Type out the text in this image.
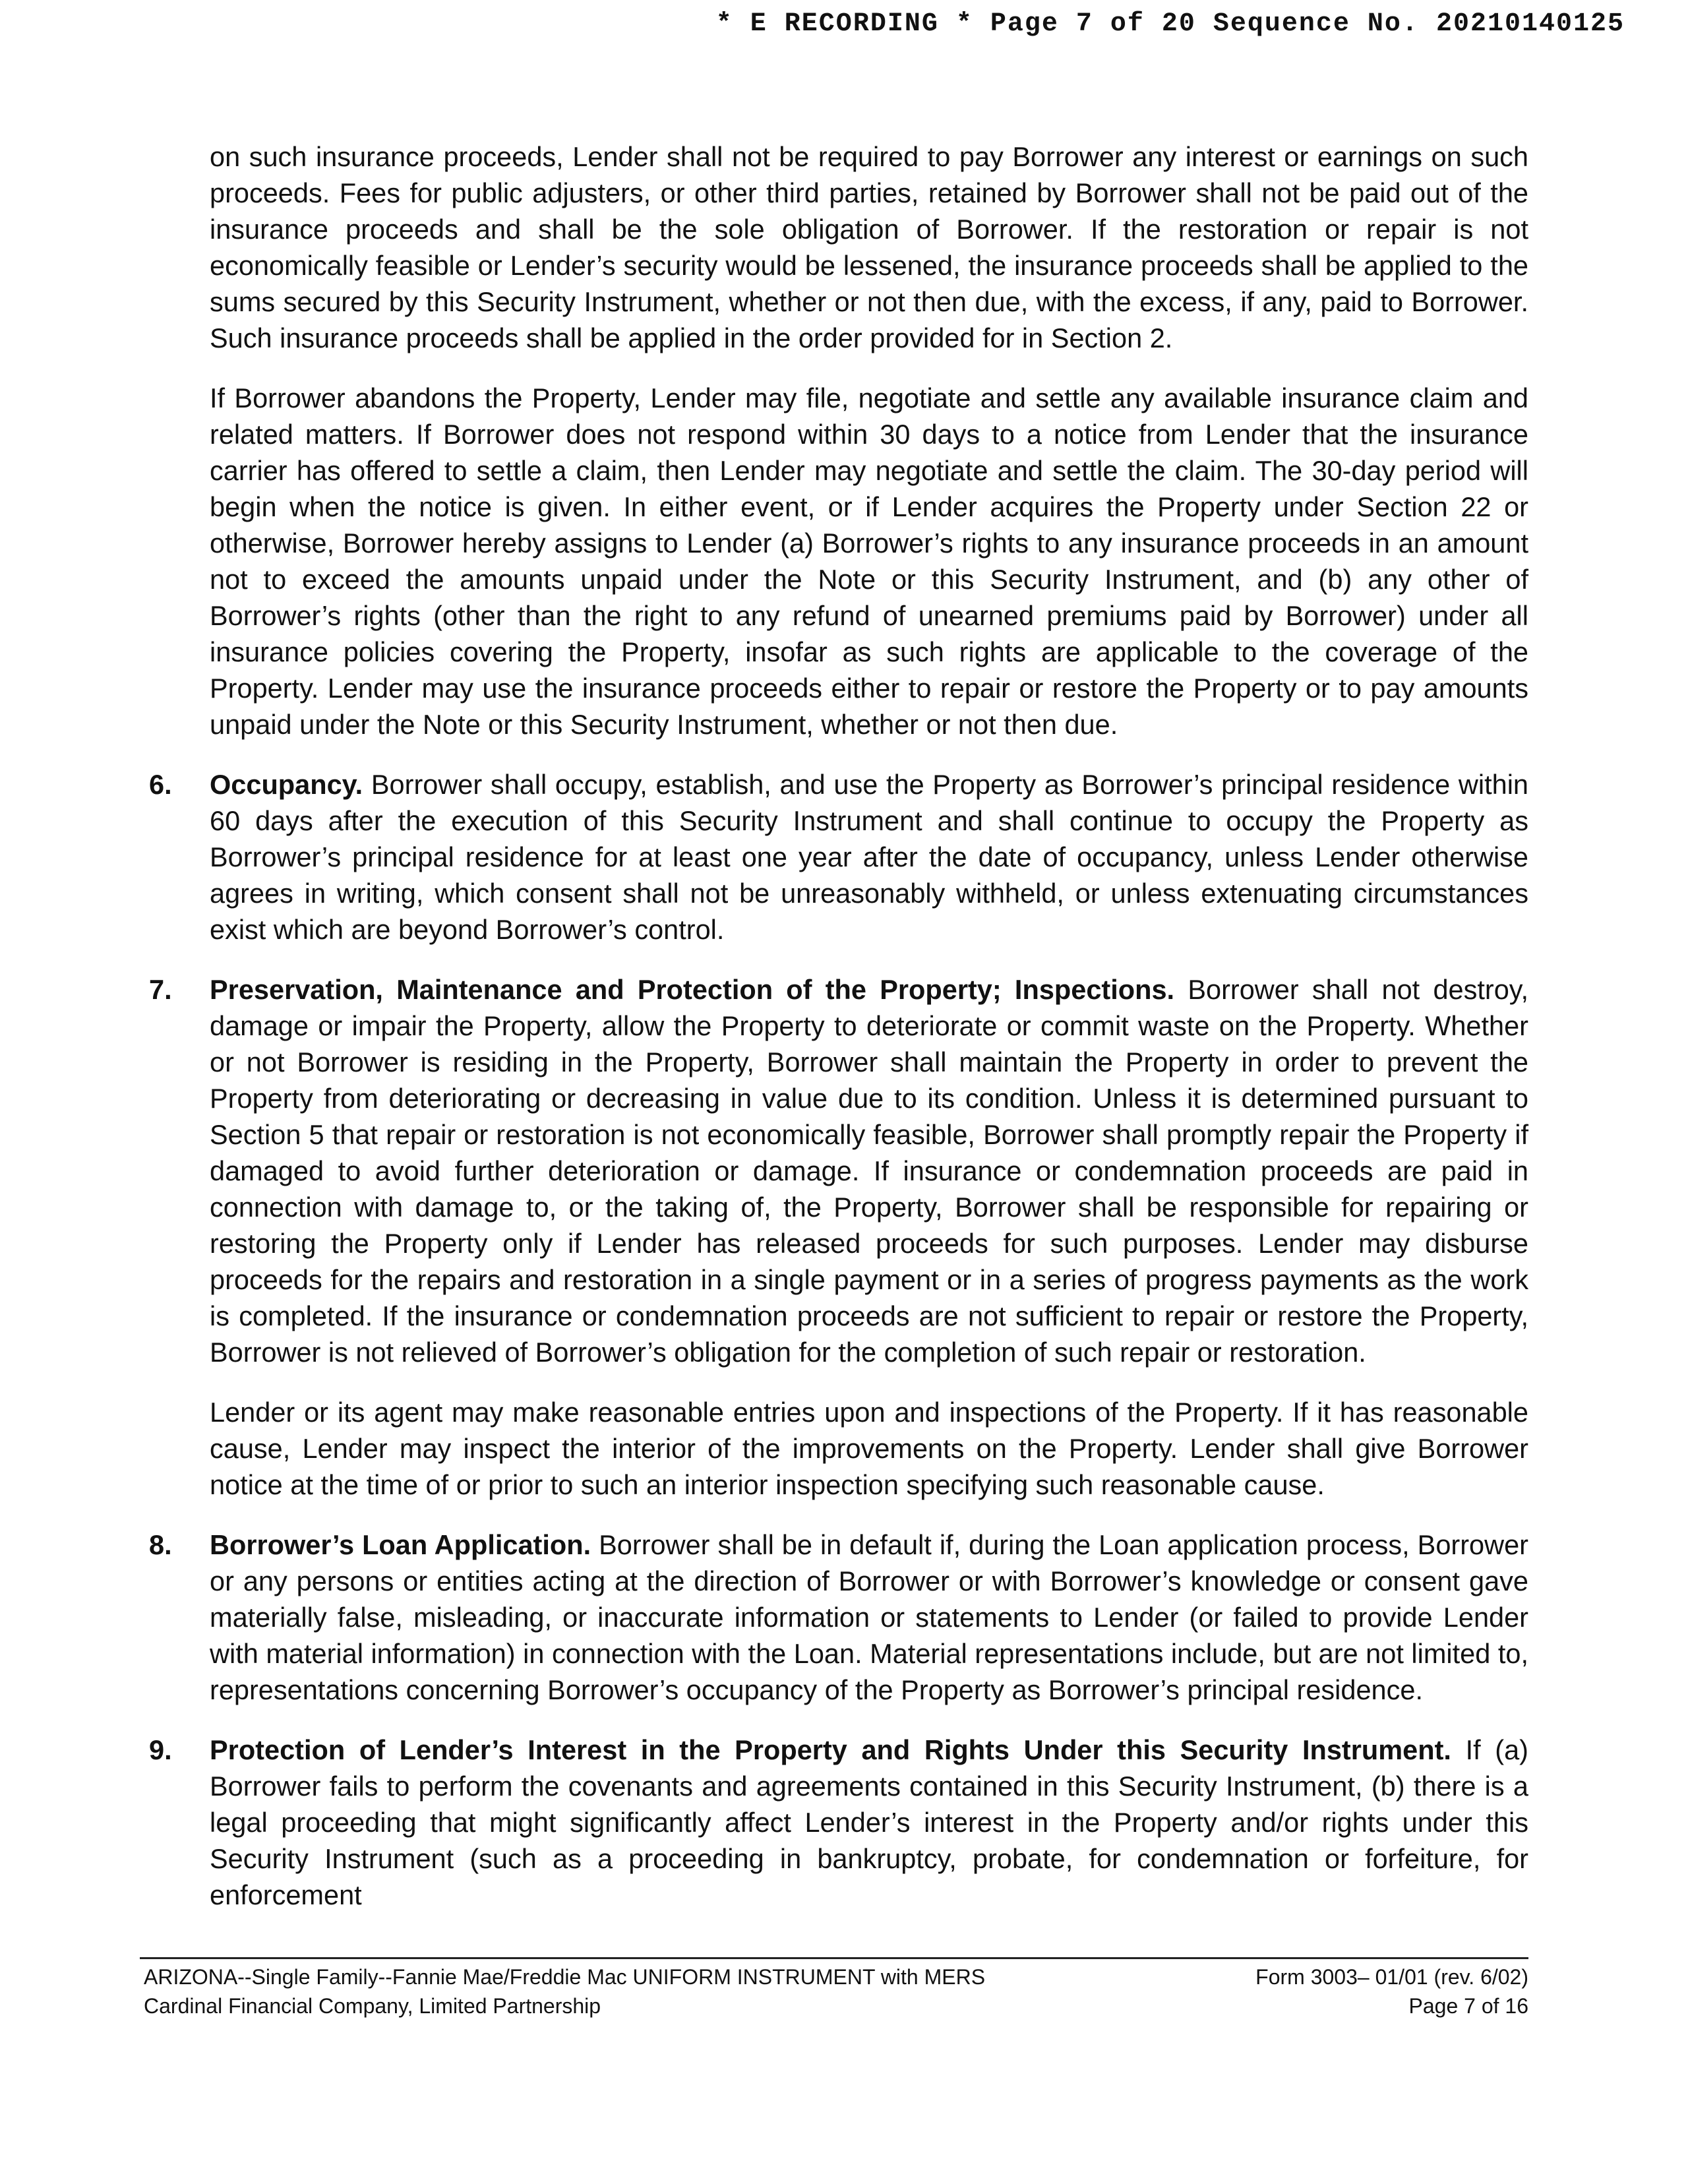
* E RECORDING * Page 7 of 20 Sequence No. 20210140125

on such insurance proceeds, Lender shall not be required to pay Borrower any interest or earnings on such proceeds. Fees for public adjusters, or other third parties, retained by Borrower shall not be paid out of the insurance proceeds and shall be the sole obligation of Borrower. If the restoration or repair is not economically feasible or Lender’s security would be lessened, the insurance proceeds shall be applied to the sums secured by this Security Instrument, whether or not then due, with the excess, if any, paid to Borrower. Such insurance proceeds shall be applied in the order provided for in Section 2.

If Borrower abandons the Property, Lender may file, negotiate and settle any available insurance claim and related matters. If Borrower does not respond within 30 days to a notice from Lender that the insurance carrier has offered to settle a claim, then Lender may negotiate and settle the claim. The 30-day period will begin when the notice is given. In either event, or if Lender acquires the Property under Section 22 or otherwise, Borrower hereby assigns to Lender (a) Borrower’s rights to any insurance proceeds in an amount not to exceed the amounts unpaid under the Note or this Security Instrument, and (b) any other of Borrower’s rights (other than the right to any refund of unearned premiums paid by Borrower) under all insurance policies covering the Property, insofar as such rights are applicable to the coverage of the Property. Lender may use the insurance proceeds either to repair or restore the Property or to pay amounts unpaid under the Note or this Security Instrument, whether or not then due.

6. Occupancy. Borrower shall occupy, establish, and use the Property as Borrower’s principal residence within 60 days after the execution of this Security Instrument and shall continue to occupy the Property as Borrower’s principal residence for at least one year after the date of occupancy, unless Lender otherwise agrees in writing, which consent shall not be unreasonably withheld, or unless extenuating circumstances exist which are beyond Borrower’s control.

7. Preservation, Maintenance and Protection of the Property; Inspections. Borrower shall not destroy, damage or impair the Property, allow the Property to deteriorate or commit waste on the Property. Whether or not Borrower is residing in the Property, Borrower shall maintain the Property in order to prevent the Property from deteriorating or decreasing in value due to its condition. Unless it is determined pursuant to Section 5 that repair or restoration is not economically feasible, Borrower shall promptly repair the Property if damaged to avoid further deterioration or damage. If insurance or condemnation proceeds are paid in connection with damage to, or the taking of, the Property, Borrower shall be responsible for repairing or restoring the Property only if Lender has released proceeds for such purposes. Lender may disburse proceeds for the repairs and restoration in a single payment or in a series of progress payments as the work is completed. If the insurance or condemnation proceeds are not sufficient to repair or restore the Property, Borrower is not relieved of Borrower’s obligation for the completion of such repair or restoration.

Lender or its agent may make reasonable entries upon and inspections of the Property. If it has reasonable cause, Lender may inspect the interior of the improvements on the Property. Lender shall give Borrower notice at the time of or prior to such an interior inspection specifying such reasonable cause.

8. Borrower’s Loan Application. Borrower shall be in default if, during the Loan application process, Borrower or any persons or entities acting at the direction of Borrower or with Borrower’s knowledge or consent gave materially false, misleading, or inaccurate information or statements to Lender (or failed to provide Lender with material information) in connection with the Loan. Material representations include, but are not limited to, representations concerning Borrower’s occupancy of the Property as Borrower’s principal residence.

9. Protection of Lender’s Interest in the Property and Rights Under this Security Instrument. If (a) Borrower fails to perform the covenants and agreements contained in this Security Instrument, (b) there is a legal proceeding that might significantly affect Lender’s interest in the Property and/or rights under this Security Instrument (such as a proceeding in bankruptcy, probate, for condemnation or forfeiture, for enforcement

ARIZONA--Single Family--Fannie Mae/Freddie Mac UNIFORM INSTRUMENT with MERS
Cardinal Financial Company, Limited Partnership
Form 3003– 01/01 (rev. 6/02)
Page 7 of 16
